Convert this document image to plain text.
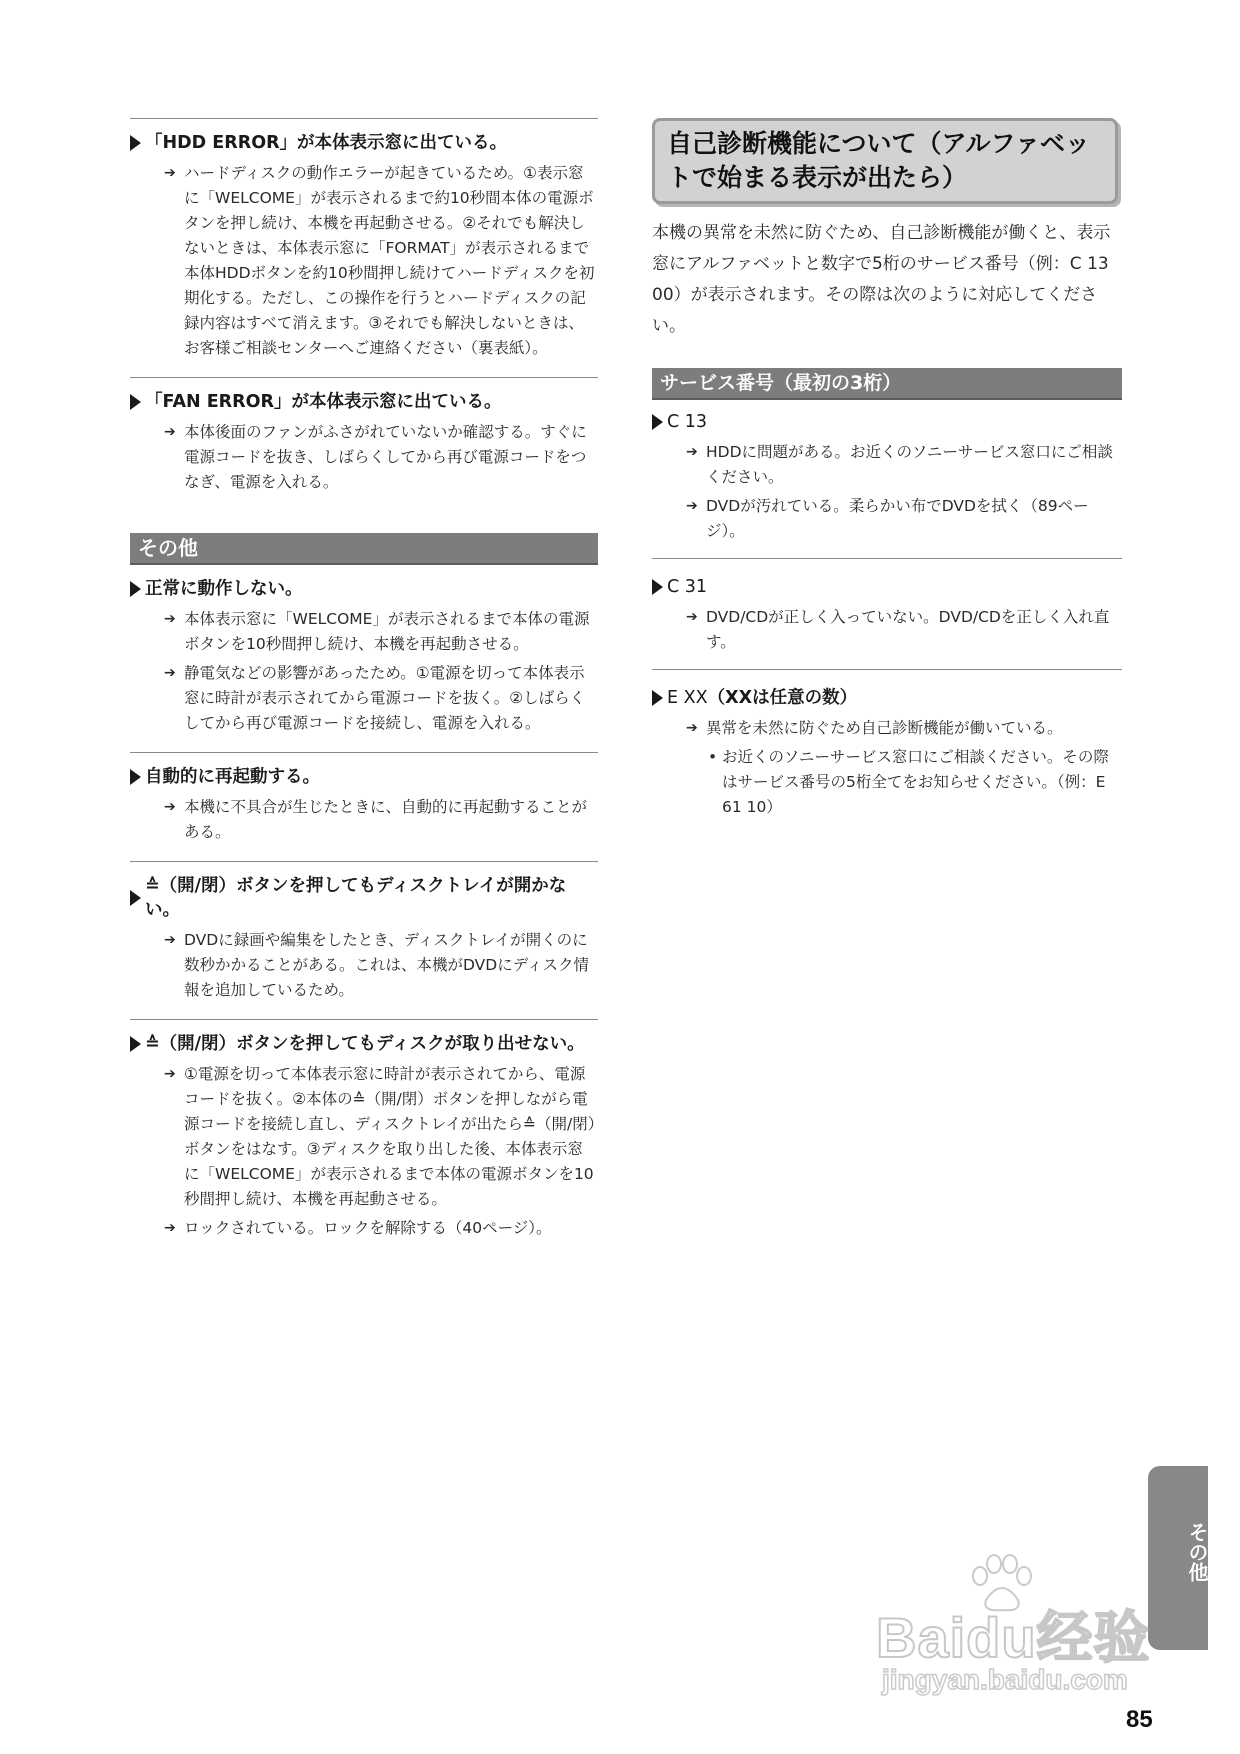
「HDD ERROR」が本体表示窓に出ている。
➔ ハードディスクの動作エラーが起きているため。①表示窓に「WELCOME」が表示されるまで約10秒間本体の電源ボタンを押し続け、本機を再起動させる。②それでも解決しないときは、本体表示窓に「FORMAT」が表示されるまで本体HDDボタンを約10秒間押し続けてハードディスクを初期化する。ただし、この操作を行うとハードディスクの記録内容はすべて消えます。③それでも解決しないときは、お客様ご相談センターへご連絡ください（裏表紙）。
「FAN ERROR」が本体表示窓に出ている。
➔ 本体後面のファンがふさがれていないか確認する。すぐに電源コードを抜き、しばらくしてから再び電源コードをつなぎ、電源を入れる。
その他
正常に動作しない。
➔ 本体表示窓に「WELCOME」が表示されるまで本体の電源ボタンを10秒間押し続け、本機を再起動させる。
➔ 静電気などの影響があったため。①電源を切って本体表示窓に時計が表示されてから電源コードを抜く。②しばらくしてから再び電源コードを接続し、電源を入れる。
自動的に再起動する。
➔ 本機に不具合が生じたときに、自動的に再起動することがある。
≙（開/閉）ボタンを押してもディスクトレイが開かない。
➔ DVDに録画や編集をしたとき、ディスクトレイが開くのに数秒かかることがある。これは、本機がDVDにディスク情報を追加しているため。
≙（開/閉）ボタンを押してもディスクが取り出せない。
➔ ①電源を切って本体表示窓に時計が表示されてから、電源コードを抜く。②本体の≙（開/閉）ボタンを押しながら電源コードを接続し直し、ディスクトレイが出たら≙（開/閉）ボタンをはなす。③ディスクを取り出した後、本体表示窓に「WELCOME」が表示されるまで本体の電源ボタンを10秒間押し続け、本機を再起動させる。
➔ ロックされている。ロックを解除する（40ページ）。
自己診断機能について（アルファベットで始まる表示が出たら）
本機の異常を未然に防ぐため、自己診断機能が働くと、表示窓にアルファベットと数字で5桁のサービス番号（例：C 13 00）が表示されます。その際は次のように対応してください。
サービス番号（最初の3桁）
C 13
➔ HDDに問題がある。お近くのソニーサービス窓口にご相談ください。
➔ DVDが汚れている。柔らかい布でDVDを拭く（89ページ）。
C 31
➔ DVD/CDが正しく入っていない。DVD/CDを正しく入れ直す。
E XX （XXは任意の数）
➔ 異常を未然に防ぐため自己診断機能が働いている。
• お近くのソニーサービス窓口にご相談ください。その際はサービス番号の5桁全てをお知らせください。（例：E 61 10）
その他
Baidu经验
jingyan.baidu.com
85
